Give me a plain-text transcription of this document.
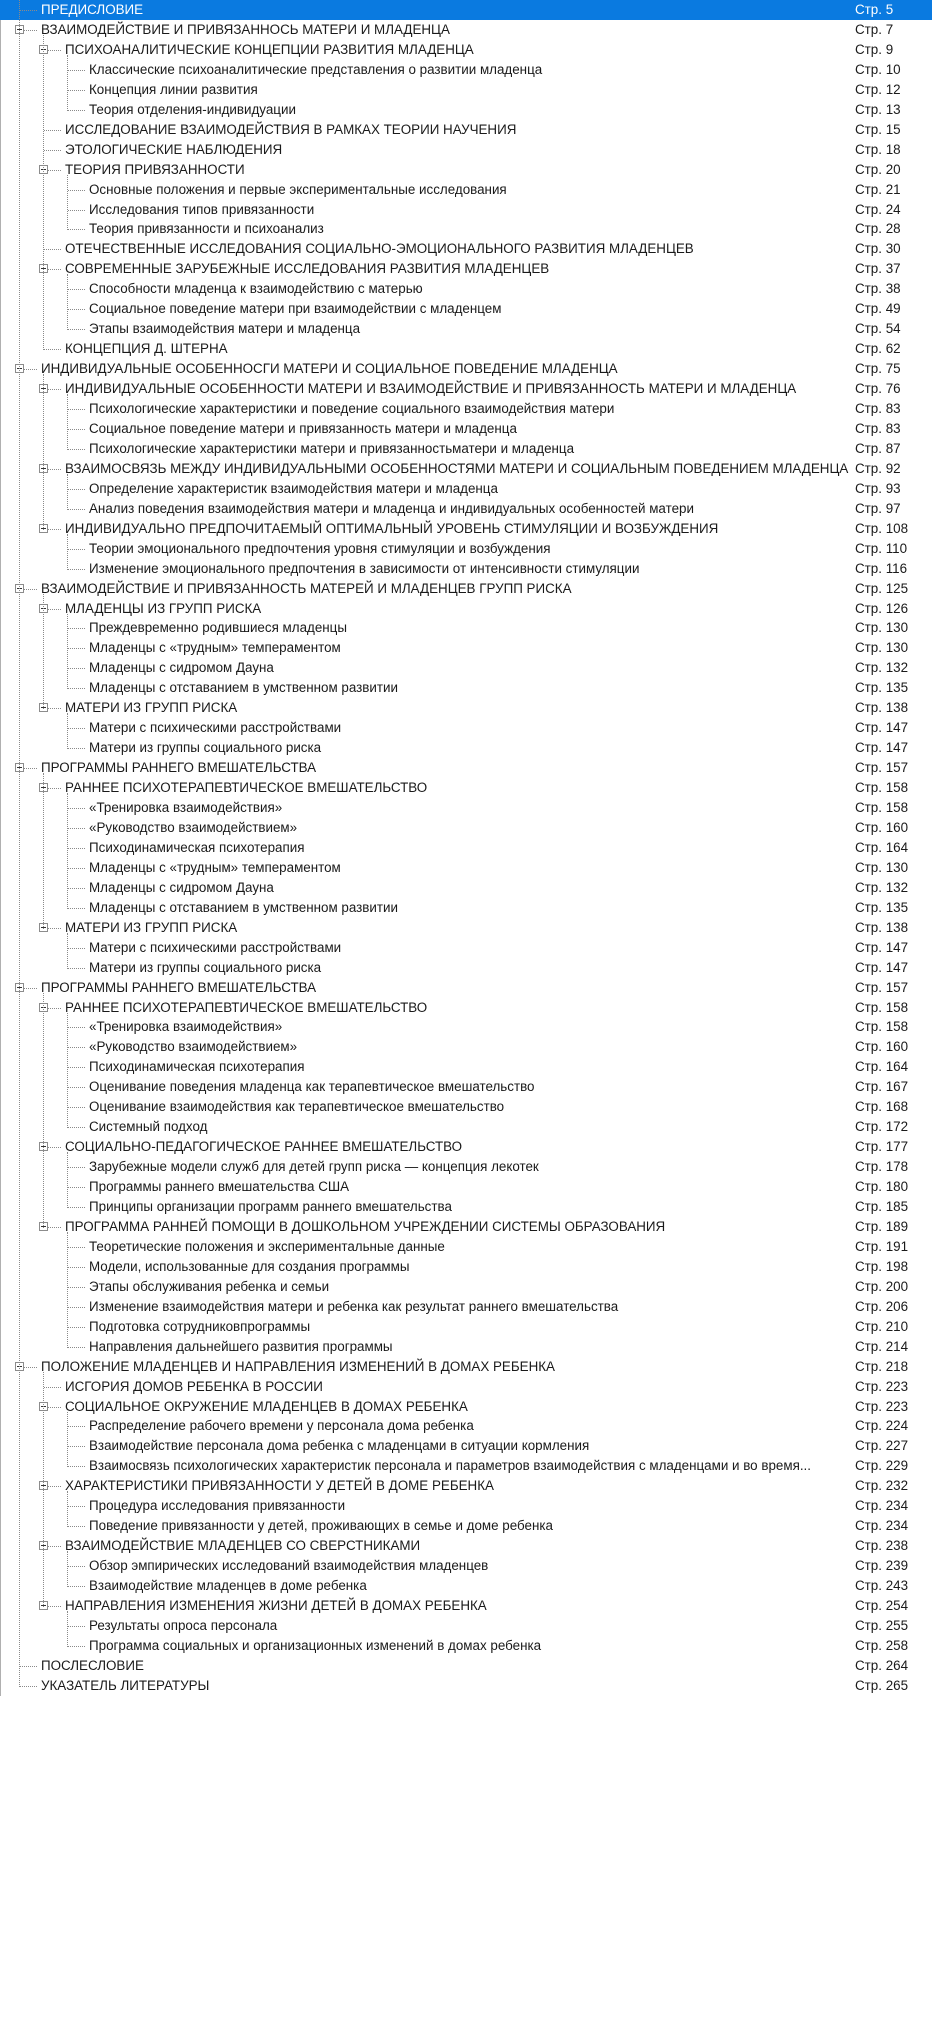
ПРЕДИСЛОВИЕ	Стр. 5
ВЗАИМОДЕЙСТВИЕ И ПРИВЯЗАННОСЬ МАТЕРИ И МЛАДЕНЦА	Стр. 7
ПСИХОАНАЛИТИЧЕСКИЕ КОНЦЕПЦИИ РАЗВИТИЯ МЛАДЕНЦА	Стр. 9
Классические психоаналитические представления о развитии младенца	Стр. 10
Концепция линии развития	Стр. 12
Теория отделения-индивидуации	Стр. 13
ИССЛЕДОВАНИЕ ВЗАИМОДЕЙСТВИЯ В РАМКАХ ТЕОРИИ НАУЧЕНИЯ	Стр. 15
ЭТОЛОГИЧЕСКИЕ НАБЛЮДЕНИЯ	Стр. 18
ТЕОРИЯ ПРИВЯЗАННОСТИ	Стр. 20
Основные положения и первые экспериментальные исследования	Стр. 21
Исследования типов привязанности	Стр. 24
Теория привязанности и психоанализ	Стр. 28
ОТЕЧЕСТВЕННЫЕ ИССЛЕДОВАНИЯ СОЦИАЛЬНО-ЭМОЦИОНАЛЬНОГО РАЗВИТИЯ МЛАДЕНЦЕВ	Стр. 30
СОВРЕМЕННЫЕ ЗАРУБЕЖНЫЕ ИССЛЕДОВАНИЯ РАЗВИТИЯ МЛАДЕНЦЕВ	Стр. 37
Способности младенца к взаимодействию с матерью	Стр. 38
Социальное поведение матери при взаимодействии с младенцем	Стр. 49
Этапы взаимодействия матери и младенца	Стр. 54
КОНЦЕПЦИЯ Д. ШТЕРНА	Стр. 62
ИНДИВИДУАЛЬНЫЕ ОСОБЕННОСГИ МАТЕРИ И СОЦИАЛЬНОЕ ПОВЕДЕНИЕ МЛАДЕНЦА	Стр. 75
ИНДИВИДУАЛЬНЫЕ ОСОБЕННОСТИ МАТЕРИ И ВЗАИМОДЕЙСТВИЕ И ПРИВЯЗАННОСТЬ МАТЕРИ И МЛАДЕНЦА	Стр. 76
Психологические характеристики и поведение социального взаимодействия матери	Стр. 83
Социальное поведение матери и привязанность матери и младенца	Стр. 83
Психологические характеристики матери и привязанностьматери и младенца	Стр. 87
ВЗАИМОСВЯЗЬ МЕЖДУ ИНДИВИДУАЛЬНЫМИ ОСОБЕННОСТЯМИ МАТЕРИ И СОЦИАЛЬНЫМ ПОВЕДЕНИЕМ МЛАДЕНЦА Стр. 92
Определение характеристик взаимодействия матери и младенца	Стр. 93
Анализ поведения взаимодействия матери и младенца и индивидуальных особенностей матери	Стр. 97
ИНДИВИДУАЛЬНО ПРЕДПОЧИТАЕМЫЙ ОПТИМАЛЬНЫЙ УРОВЕНЬ СТИМУЛЯЦИИ И ВОЗБУЖДЕНИЯ	Стр. 108
Теории эмоционального предпочтения уровня стимуляции и возбуждения	Стр. 110
Изменение эмоционального предпочтения в зависимости от интенсивности стимуляции	Стр. 116
ВЗАИМОДЕЙСТВИЕ И ПРИВЯЗАННОСТЬ МАТЕРЕЙ И МЛАДЕНЦЕВ ГРУПП РИСКА	Стр. 125
МЛАДЕНЦЫ ИЗ ГРУПП РИСКА	Стр. 126
Преждевременно родившиеся младенцы	Стр. 130
Младенцы с «трудным» темпераментом	Стр. 130
Младенцы с сидромом Дауна	Стр. 132
Младенцы с отставанием в умственном развитии	Стр. 135
МАТЕРИ ИЗ ГРУПП РИСКА	Стр. 138
Матери с психическими расстройствами	Стр. 147
Матери из группы социального риска	Стр. 147
ПРОГРАММЫ РАННЕГО ВМЕШАТЕЛЬСТВА	Стр. 157
РАННЕЕ ПСИХОТЕРАПЕВТИЧЕСКОЕ ВМЕШАТЕЛЬСТВО	Стр. 158
«Тренировка взаимодействия»	Стр. 158
«Руководство взаимодействием»	Стр. 160
Психодинамическая психотерапия	Стр. 164
Младенцы с «трудным» темпераментом	Стр. 130
Младенцы с сидромом Дауна	Стр. 132
Младенцы с отставанием в умственном развитии	Стр. 135
МАТЕРИ ИЗ ГРУПП РИСКА	Стр. 138
Матери с психическими расстройствами	Стр. 147
Матери из группы социального риска	Стр. 147
ПРОГРАММЫ РАННЕГО ВМЕШАТЕЛЬСТВА	Стр. 157
РАННЕЕ ПСИХОТЕРАПЕВТИЧЕСКОЕ ВМЕШАТЕЛЬСТВО	Стр. 158
«Тренировка взаимодействия»	Стр. 158
«Руководство взаимодействием»	Стр. 160
Психодинамическая психотерапия	Стр. 164
Оценивание поведения младенца как терапевтическое вмешательство	Стр. 167
Оценивание взаимодействия как терапевтическое вмешательство	Стр. 168
Системный подход	Стр. 172
СОЦИАЛЬНО-ПЕДАГОГИЧЕСКОЕ РАННЕЕ ВМЕШАТЕЛЬСТВО	Стр. 177
Зарубежные модели служб для детей групп риска — концепция лекотек	Стр. 178
Программы раннего вмешательства США	Стр. 180
Принципы организации программ раннего вмешательства	Стр. 185
ПРОГРАММА РАННЕЙ ПОМОЩИ В ДОШКОЛЬНОМ УЧРЕЖДЕНИИ СИСТЕМЫ ОБРАЗОВАНИЯ	Стр. 189
Теоретические положения и экспериментальные данные	Стр. 191
Модели, использованные для создания программы	Стр. 198
Этапы обслуживания ребенка и семьи	Стр. 200
Изменение взаимодействия матери и ребенка как результат раннего вмешательства	Стр. 206
Подготовка сотрудниковпрограммы	Стр. 210
Направления дальнейшего развития программы	Стр. 214
ПОЛОЖЕНИЕ МЛАДЕНЦЕВ И НАПРАВЛЕНИЯ ИЗМЕНЕНИЙ В ДОМАХ РЕБЕНКА	Стр. 218
ИСГОРИЯ ДОМОВ РЕБЕНКА В РОССИИ	Стр. 223
СОЦИАЛЬНОЕ ОКРУЖЕНИЕ МЛАДЕНЦЕВ В ДОМАХ РЕБЕНКА	Стр. 223
Распределение рабочего времени у персонала дома ребенка	Стр. 224
Взаимодействие персонала дома ребенка с младенцами в ситуации кормления	Стр. 227
Взаимосвязь психологических характеристик персонала и параметров взаимодействия с младенцами и во время...	Стр. 229
ХАРАКТЕРИСТИКИ ПРИВЯЗАННОСТИ У ДЕТЕЙ В ДОМЕ РЕБЕНКА	Стр. 232
Процедура исследования привязанности	Стр. 234
Поведение привязанности у детей, проживающих в семье и доме ребенка	Стр. 234
ВЗАИМОДЕЙСТВИЕ МЛАДЕНЦЕВ СО СВЕРСТНИКАМИ	Стр. 238
Обзор эмпирических исследований взаимодействия младенцев	Стр. 239
Взаимодействие младенцев в доме ребенка	Стр. 243
НАПРАВЛЕНИЯ ИЗМЕНЕНИЯ ЖИЗНИ ДЕТЕЙ В ДОМАХ РЕБЕНКА	Стр. 254
Результаты опроса персонала	Стр. 255
Программа социальных и организационных изменений в домах ребенка	Стр. 258
ПОСЛЕСЛОВИЕ	Стр. 264
УКАЗАТЕЛЬ ЛИТЕРАТУРЫ	Стр. 265
